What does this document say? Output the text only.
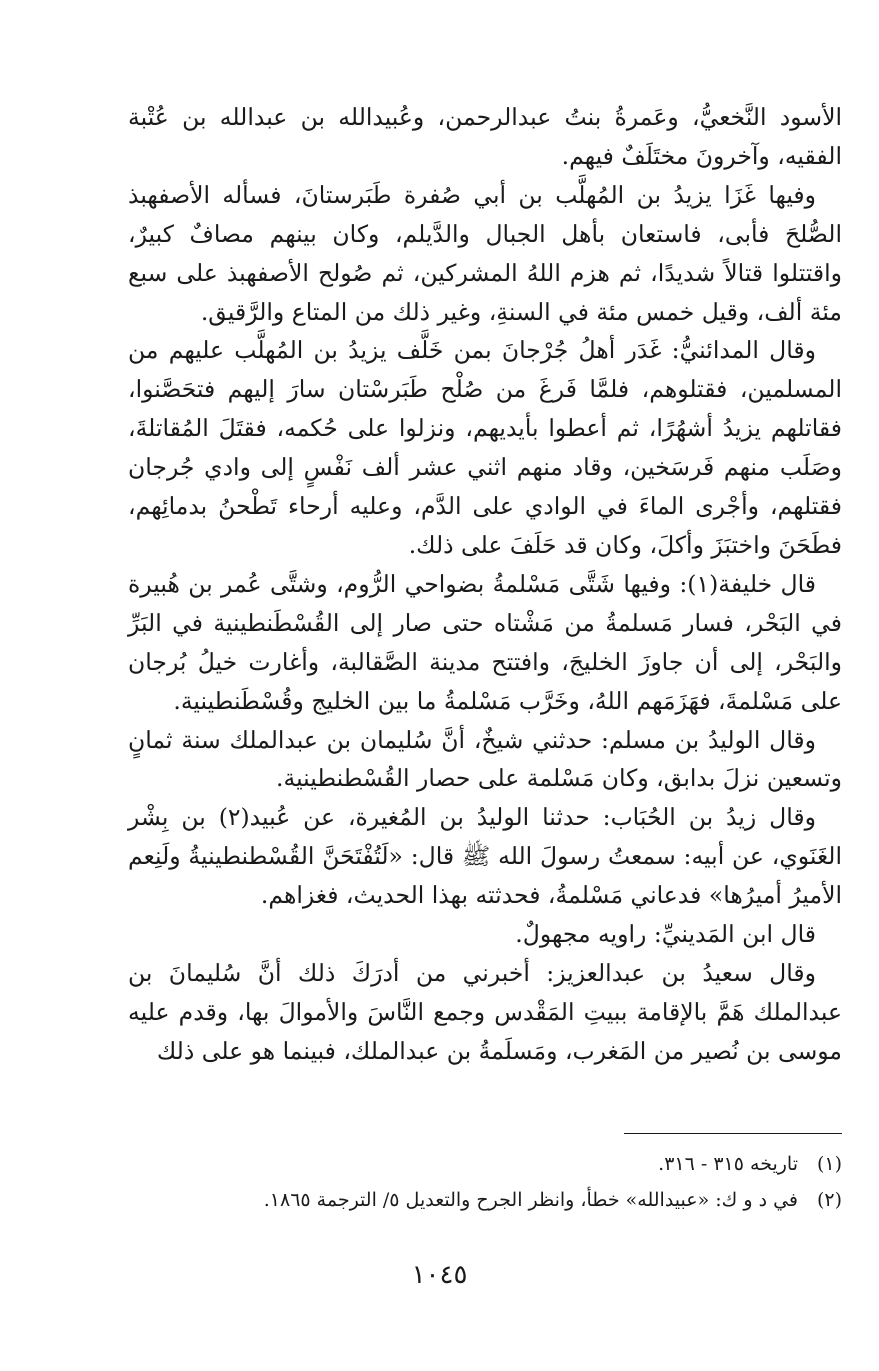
الأسود النَّخعيُّ، وعَمرةُ بنتُ عبدالرحمن، وعُبيدالله بن عبدالله بن عُتْبة الفقيه، وآخرونَ مختَلَفٌ فيهم.

وفيها غَزَا يزيدُ بن المُهلَّب بن أبي صُفرة طَبَرستانَ، فسأله الأصفهبذ الصُّلحَ فأبى، فاستعان بأهل الجبال والدَّيلم، وكان بينهم مصافٌ كبيرٌ، واقتتلوا قتالاً شديدًا، ثم هزم اللهُ المشركين، ثم صُولح الأصفهبذ على سبع مئة ألف، وقيل خمس مئة في السنةِ، وغير ذلك من المتاع والرَّقيق.

وقال المدائنيُّ: غَدَر أهلُ جُرْجانَ بمن خَلَّف يزيدُ بن المُهلَّب عليهم من المسلمين، فقتلوهم، فلمَّا فَرغَ من صُلْح طَبَرسْتان سارَ إليهم فتحَصَّنوا، فقاتلهم يزيدُ أشهُرًا، ثم أعطوا بأيديهم، ونزلوا على حُكمه، فقتَلَ المُقاتلةَ، وصَلَب منهم فَرسَخين، وقاد منهم اثني عشر ألف نَفْسٍ إلى وادي جُرجان فقتلهم، وأجْرى الماءَ في الوادي على الدَّم، وعليه أرحاء تَطْحنُ بدمائِهم، فطَحَنَ واختبَزَ وأكلَ، وكان قد حَلَفَ على ذلك.

قال خليفة(١): وفيها شَتَّى مَسْلمةُ بضواحي الرُّوم، وشتَّى عُمر بن هُبيرة في البَحْر، فسار مَسلمةُ من مَشْتاه حتى صار إلى القُسْطَنطينية في البَرِّ والبَحْر، إلى أن جاوزَ الخليجَ، وافتتح مدينة الصَّقالبة، وأغارت خيلُ بُرجان على مَسْلمةَ، فهَزَمَهم اللهُ، وخَرَّب مَسْلمةُ ما بين الخليج وقُسْطَنطينية.

وقال الوليدُ بن مسلم: حدثني شيخٌ، أنَّ سُليمان بن عبدالملك سنة ثمانٍ وتسعين نزلَ بدابق، وكان مَسْلمة على حصار القُسْطنطينية.

وقال زيدُ بن الحُبَاب: حدثنا الوليدُ بن المُغيرة، عن عُبيد(٢) بن بِشْر الغَنَوي، عن أبيه: سمعتُ رسولَ الله ﷺ قال: «لَتُفْتَحَنَّ القُسْطنطينيةُ ولَنِعم الأميرُ أميرُها» فدعاني مَسْلمةُ، فحدثته بهذا الحديث، فغزاهم.

قال ابن المَدينيِّ: راويه مجهولٌ.

وقال سعيدُ بن عبدالعزيز: أخبرني من أدرَكَ ذلك أنَّ سُليمانَ بن عبدالملك هَمَّ بالإقامة ببيتِ المَقْدس وجمع النَّاسَ والأموالَ بها، وقدم عليه موسى بن نُصير من المَغرب، ومَسلَمةُ بن عبدالملك، فبينما هو على ذلك

(١)
تاريخه ٣١٥ - ٣١٦.
(٢)
في د و ك: «عبيدالله» خطأ، وانظر الجرح والتعديل ٥/ الترجمة ١٨٦٥.
١٠٤٥
